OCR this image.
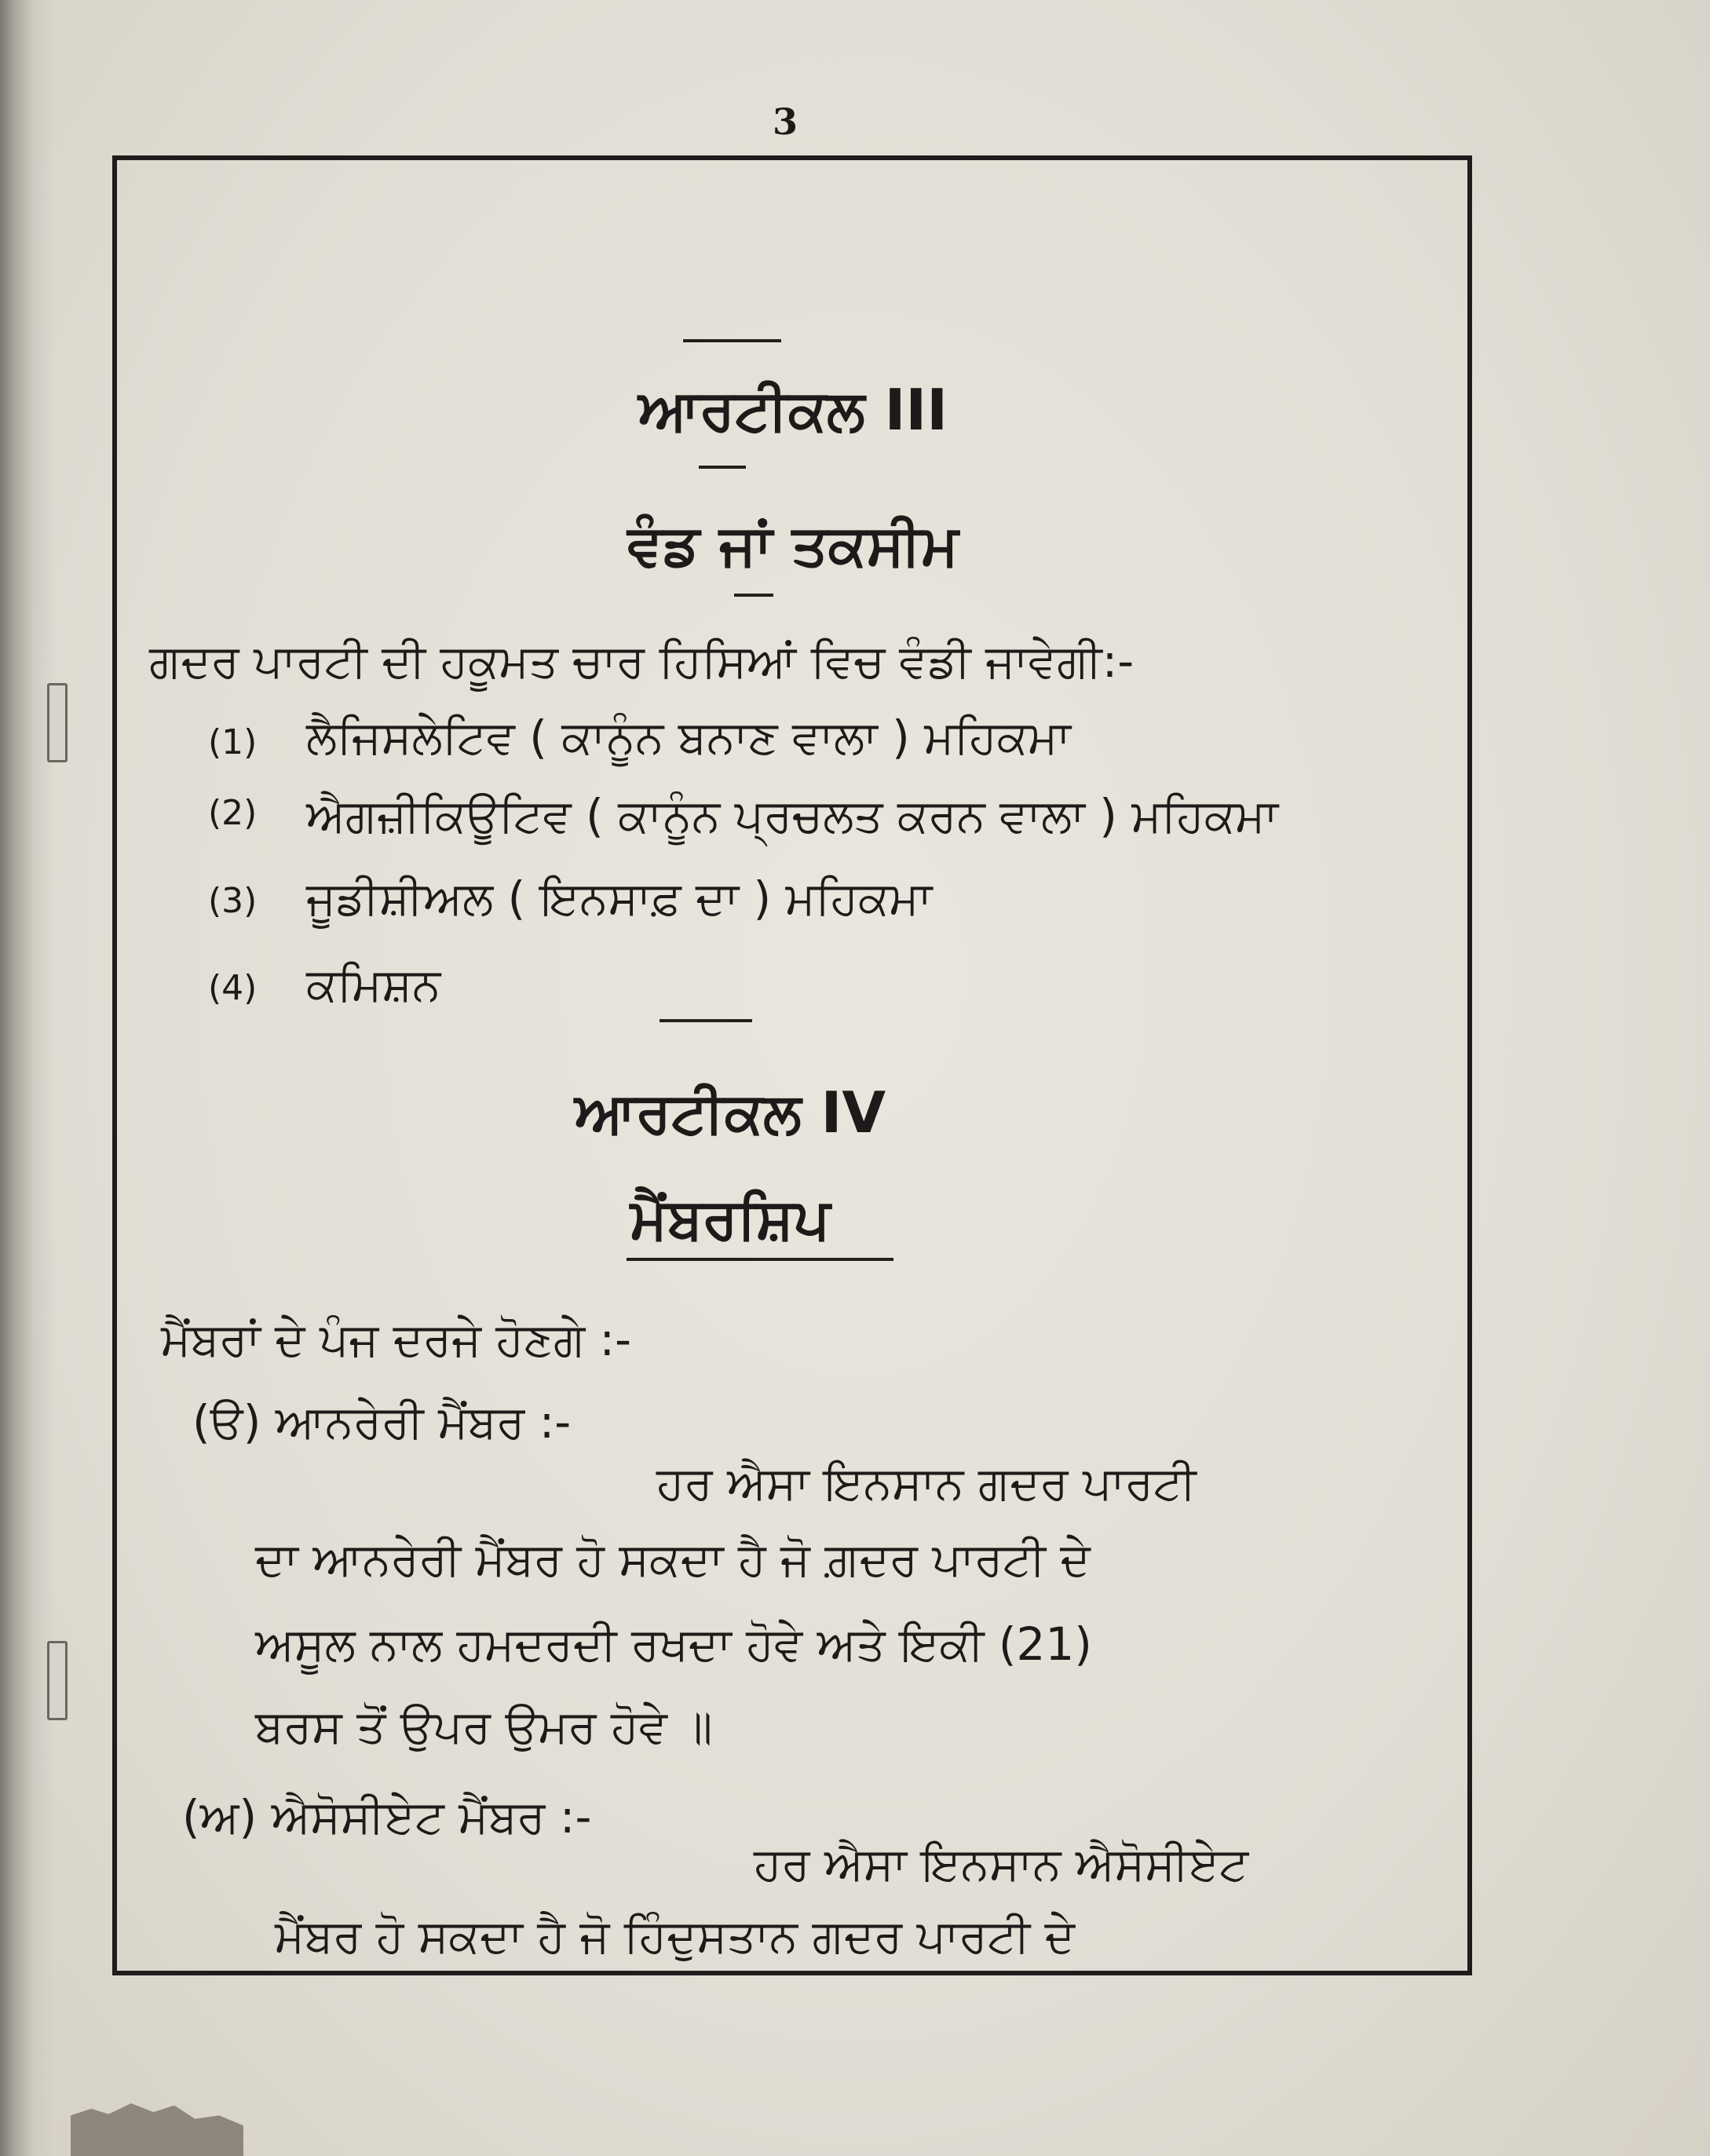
3
ਆਰਟੀਕਲ III
ਵੰਡ ਜਾਂ ਤਕਸੀਮ
ਗਦਰ ਪਾਰਟੀ ਦੀ ਹਕੂਮਤ ਚਾਰ ਹਿਸਿਆਂ ਵਿਚ ਵੰਡੀ ਜਾਵੇਗੀ:-
(1) ਲੈਜਿਸਲੇਟਿਵ ( ਕਾਨੂੰਨ ਬਨਾਣ ਵਾਲਾ ) ਮਹਿਕਮਾ
(2) ਐਗਜ਼ੀਕਿਊਟਿਵ ( ਕਾਨੂੰਨ ਪ੍ਰਚਲਤ ਕਰਨ ਵਾਲਾ ) ਮਹਿਕਮਾ
(3) ਜੂਡੀਸ਼ੀਅਲ ( ਇਨਸਾਫ਼ ਦਾ ) ਮਹਿਕਮਾ
(4) ਕਮਿਸ਼ਨ
ਆਰਟੀਕਲ IV
ਮੈਂਬਰਸ਼ਿਪ
ਮੈਂਬਰਾਂ ਦੇ ਪੰਜ ਦਰਜੇ ਹੋਣਗੇ :-
(ੳ) ਆਨਰੇਰੀ ਮੈਂਬਰ :-
ਹਰ ਐਸਾ ਇਨਸਾਨ ਗਦਰ ਪਾਰਟੀ
ਦਾ ਆਨਰੇਰੀ ਮੈਂਬਰ ਹੋ ਸਕਦਾ ਹੈ ਜੋ ਗ਼ਦਰ ਪਾਰਟੀ ਦੇ
ਅਸੂਲ ਨਾਲ ਹਮਦਰਦੀ ਰਖਦਾ ਹੋਵੇ ਅਤੇ ਇਕੀ (21)
ਬਰਸ ਤੋਂ ਉਪਰ ਉਮਰ ਹੋਵੇ ॥
(ਅ) ਐਸੋਸੀਏਟ ਮੈਂਬਰ :-
ਹਰ ਐਸਾ ਇਨਸਾਨ ਐਸੋਸੀਏਟ
ਮੈਂਬਰ ਹੋ ਸਕਦਾ ਹੈ ਜੋ ਹਿੰਦੁਸਤਾਨ ਗਦਰ ਪਾਰਟੀ ਦੇ
